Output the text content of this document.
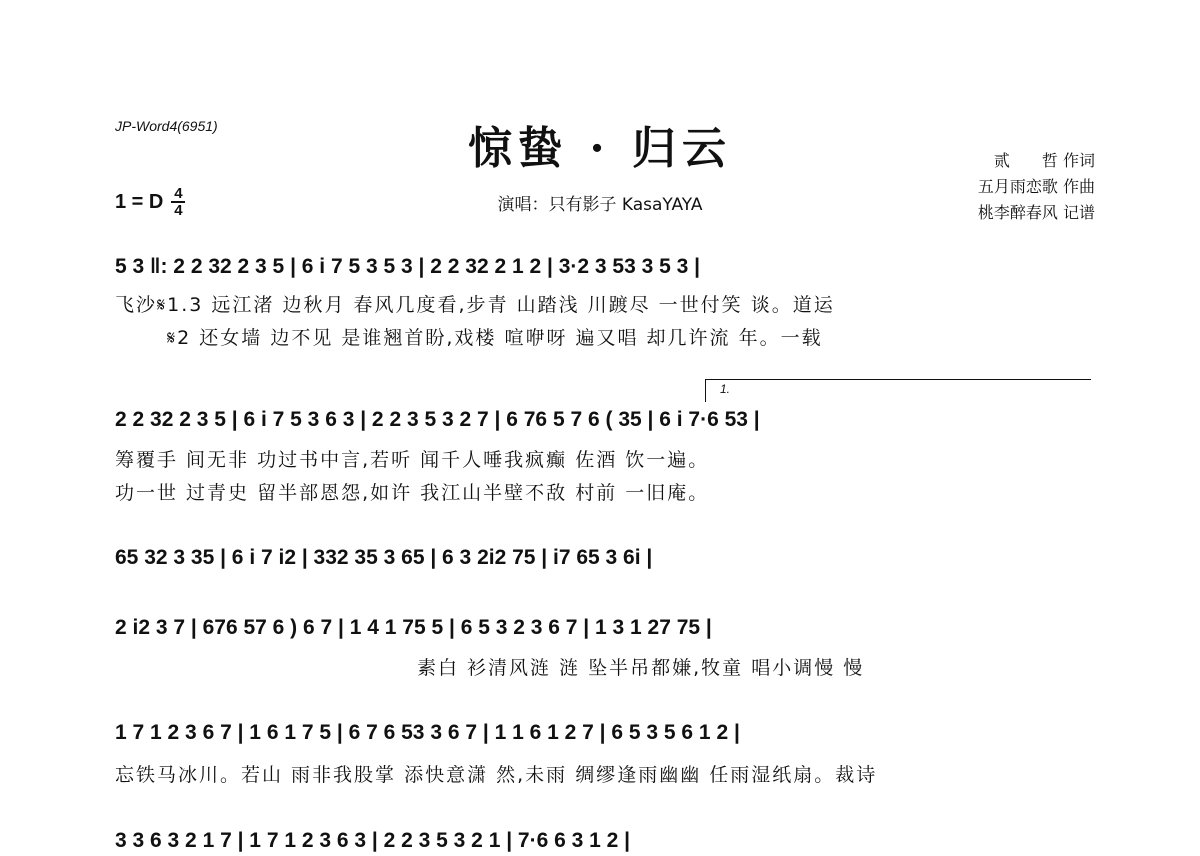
JP-Word4(6951)	惊蛰 · 归云
1 = D 4
4	演唱：只有影子 KasaYAYA
贰　　哲 作词
五月雨恋歌 作曲
桃李醉春风 记谱
5 3 ‖: 2 2 32 2 3 5 | 6 i 7 5 3 5 3 | 2 2 32 2 1 2 | 3·2 3 53 3 5 3 |
飞沙𝄋1.3 远江渚 边秋月 春风几度看,步青 山踏浅 川踱尽 一世付笑 谈。道运
𝄋2 还女墙 边不见 是谁翘首盼,戏楼 喧咿呀 遍又唱 却几许流 年。一载
1.
2 2 32 2 3 5 | 6 i 7 5 3 6 3 | 2 2 3 5 3 2 7 | 6 76 5 7 6 ( 35 | 6 i 7·6 53 |
筹覆手 间无非 功过书中言,若听 闻千人唾我疯癫 佐酒 饮一遍。
功一世 过青史 留半部恩怨,如许 我江山半壁不敌 村前 一旧庵。
65 32 3 35 | 6 i 7 i2 | 332 35 3 65 | 6 3 2i2 75 | i7 65 3 6i |
2 i2 3 7 | 676 57 6 ) 6 7 | 1 4 1 75 5 | 6 5 3 2 3 6 7 | 1 3 1 27 75 |
素白 衫清风涟 涟 坠半吊都嫌,牧童 唱小调慢 慢
1 7 1 2 3 6 7 | 1 6 1 7 5 | 6 7 6 53 3 6 7 | 1 1 6 1 2 7 | 6 5 3 5 6 1 2 |
忘铁马冰川。若山 雨非我股掌 添快意潇 然,未雨 绸缪逢雨幽幽 任雨湿纸扇。裁诗
3 3 6 3 2 1 7 | 1 7 1 2 3 6 3 | 2 2 3 5 3 2 1 | 7·6 6 3 1 2 |
